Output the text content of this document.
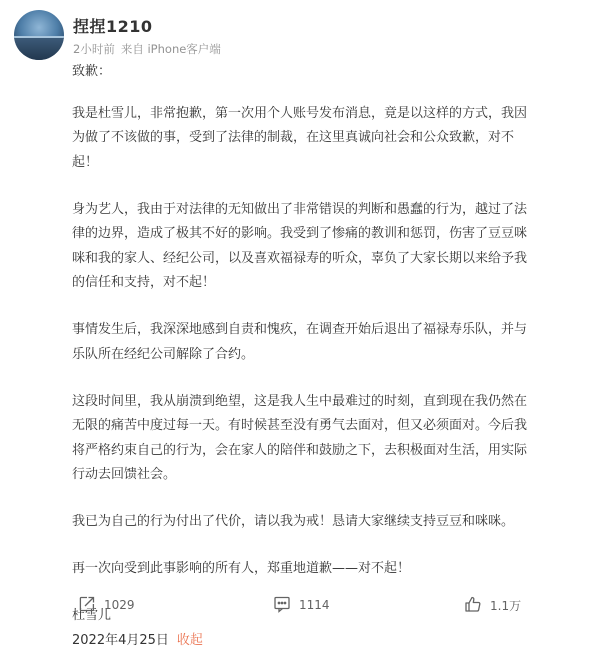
捏捏1210
2小时前 来自 iPhone客户端

致歉：

我是杜雪儿，非常抱歉，第一次用个人账号发布消息，竟是以这样的方式，我因为做了不该做的事，受到了法律的制裁，在这里真诚向社会和公众致歉，对不起！

身为艺人，我由于对法律的无知做出了非常错误的判断和愚蠢的行为，越过了法律的边界，造成了极其不好的影响。我受到了惨痛的教训和惩罚，伤害了豆豆咪咪和我的家人、经纪公司，以及喜欢福禄寿的听众，辜负了大家长期以来给予我的信任和支持，对不起！

事情发生后，我深深地感到自责和愧疚，在调查开始后退出了福禄寿乐队，并与乐队所在经纪公司解除了合约。

这段时间里，我从崩溃到绝望，这是我人生中最难过的时刻，直到现在我仍然在无限的痛苦中度过每一天。有时候甚至没有勇气去面对，但又必须面对。今后我将严格约束自己的行为，会在家人的陪伴和鼓励之下，去积极面对生活，用实际行动去回馈社会。

我已为自己的行为付出了代价，请以我为戒！恳请大家继续支持豆豆和咪咪。

再一次向受到此事影响的所有人，郑重地道歉——对不起！

杜雪儿

2022年4月25日 收起
1029	1114	1.1万
